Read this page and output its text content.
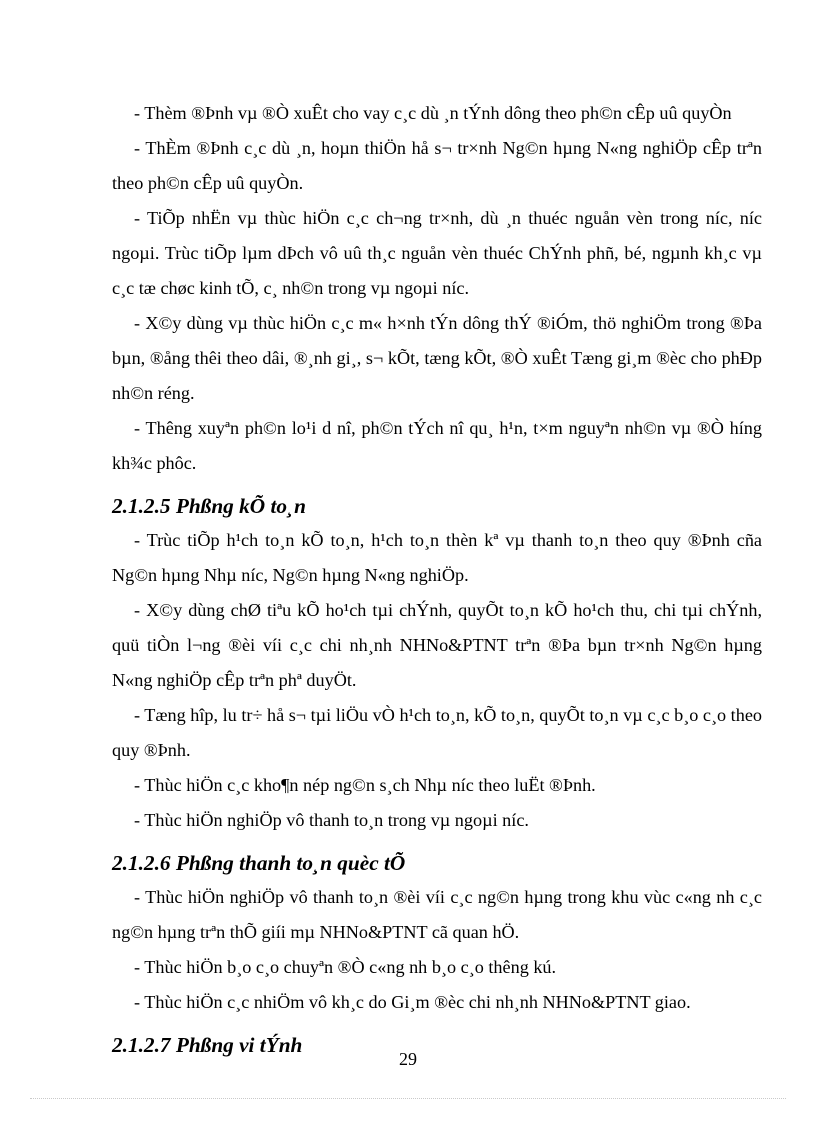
- Thèm ®Þnh vµ ®Ò xuÊt cho vay c¸c dù ¸n tÝnh dông theo ph©n cÊp uû quyÒn

- ThÈm ®Þnh c¸c dù ¸n, hoµn thiÖn hå s¬ tr×nh Ng©n hµng N«ng nghiÖp cÊp trªn theo ph©n cÊp uû quyÒn.

- TiÕp nhËn vµ thùc hiÖn c¸c ch¬ng tr×nh, dù ¸n thuéc nguån vèn trong níc, níc ngoµi. Trùc tiÕp lµm dÞch vô uû th¸c nguån vèn thuéc ChÝnh phñ, bé, ngµnh kh¸c vµ c¸c tæ chøc kinh tÕ, c¸ nh©n trong vµ ngoµi níc.

- X©y dùng vµ thùc hiÖn c¸c m« h×nh tÝn dông thÝ ®iÓm, thö nghiÖm trong ®Þa bµn, ®ång thêi theo dâi, ®¸nh gi¸, s¬ kÕt, tæng kÕt, ®Ò xuÊt Tæng gi¸m ®èc cho phÐp nh©n réng.

- Thêng xuyªn ph©n lo¹i d nî, ph©n tÝch nî qu¸ h¹n, t×m nguyªn nh©n vµ ®Ò híng kh¾c phôc.

2.1.2.5 Phßng kÕ to¸n

- Trùc tiÕp h¹ch to¸n kÕ to¸n, h¹ch to¸n thèn kª vµ thanh to¸n theo quy ®Þnh cña Ng©n hµng Nhµ níc, Ng©n hµng N«ng nghiÖp.

- X©y dùng chØ tiªu kÕ ho¹ch tµi chÝnh, quyÕt to¸n kÕ ho¹ch thu, chi tµi chÝnh, quü tiÒn l¬ng ®èi víi c¸c chi nh¸nh NHNo&PTNT trªn ®Þa bµn tr×nh Ng©n hµng N«ng nghiÖp cÊp trªn phª duyÖt.

- Tæng hîp, lu tr÷ hå s¬ tµi liÖu vÒ h¹ch to¸n, kÕ to¸n, quyÕt to¸n vµ c¸c b¸o c¸o theo quy ®Þnh.

- Thùc hiÖn c¸c kho¶n nép ng©n s¸ch Nhµ níc theo luËt ®Þnh.

- Thùc hiÖn nghiÖp vô thanh to¸n trong vµ ngoµi níc.

2.1.2.6 Phßng thanh to¸n quèc tÕ

- Thùc hiÖn nghiÖp vô thanh to¸n ®èi víi c¸c ng©n hµng trong khu vùc c«ng nh c¸c ng©n hµng trªn thÕ giíi mµ NHNo&PTNT cã quan hÖ.

- Thùc hiÖn b¸o c¸o chuyªn ®Ò c«ng nh b¸o c¸o thêng kú.

- Thùc hiÖn c¸c nhiÖm vô kh¸c do Gi¸m ®èc chi nh¸nh NHNo&PTNT giao.

2.1.2.7 Phßng vi tÝnh
29
